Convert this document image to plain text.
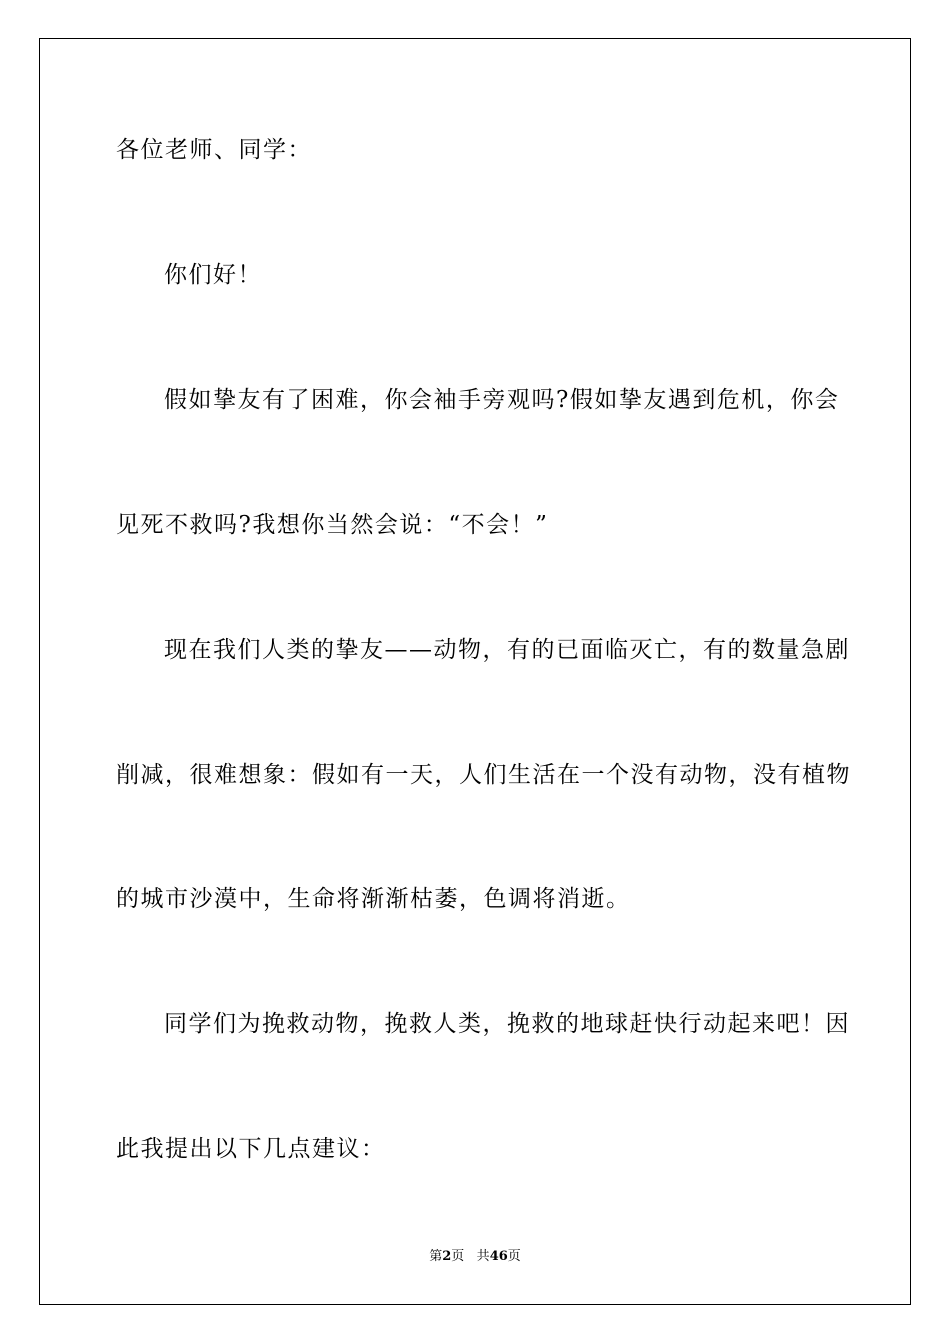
各位老师、同学：
你们好！
假如挚友有了困难，你会袖手旁观吗?假如挚友遇到危机，你会
见死不救吗?我想你当然会说：“不会！”
现在我们人类的挚友——动物，有的已面临灭亡，有的数量急剧
削减，很难想象：假如有一天，人们生活在一个没有动物，没有植物
的城市沙漠中，生命将渐渐枯萎，色调将消逝。
同学们为挽救动物，挽救人类，挽救的地球赶快行动起来吧！因
此我提出以下几点建议：
第2页 共46页
